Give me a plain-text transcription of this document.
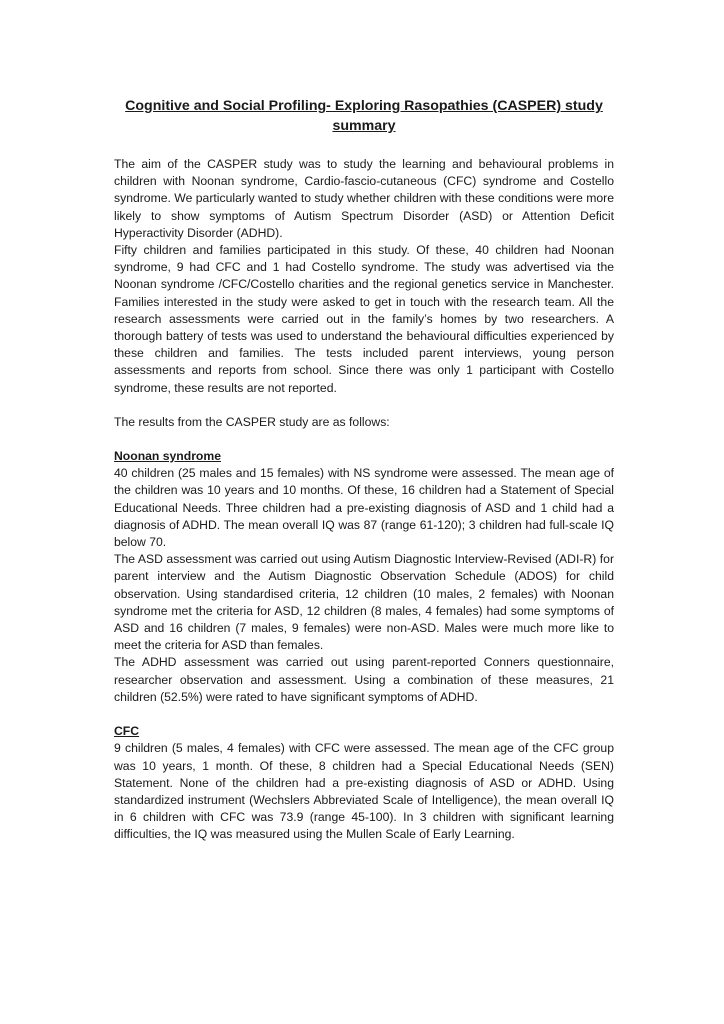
Cognitive and Social Profiling- Exploring Rasopathies (CASPER) study
summary

The aim of the CASPER study was to study the learning and behavioural problems in children with Noonan syndrome, Cardio-fascio-cutaneous (CFC) syndrome and Costello syndrome. We particularly wanted to study whether children with these conditions were more likely to show symptoms of Autism Spectrum Disorder (ASD) or Attention Deficit Hyperactivity Disorder (ADHD).

Fifty children and families participated in this study. Of these, 40 children had Noonan syndrome, 9 had CFC and 1 had Costello syndrome. The study was advertised via the Noonan syndrome /CFC/Costello charities and the regional genetics service in Manchester. Families interested in the study were asked to get in touch with the research team. All the research assessments were carried out in the family’s homes by two researchers. A thorough battery of tests was used to understand the behavioural difficulties experienced by these children and families. The tests included parent interviews, young person assessments and reports from school. Since there was only 1 participant with Costello syndrome, these results are not reported.

The results from the CASPER study are as follows:

Noonan syndrome

40 children (25 males and 15 females) with NS syndrome were assessed. The mean age of the children was 10 years and 10 months. Of these, 16 children had a Statement of Special Educational Needs. Three children had a pre-existing diagnosis of ASD and 1 child had a diagnosis of ADHD. The mean overall IQ was 87 (range 61-120); 3 children had full-scale IQ below 70.

The ASD assessment was carried out using Autism Diagnostic Interview-Revised (ADI-R) for parent interview and the Autism Diagnostic Observation Schedule (ADOS) for child observation. Using standardised criteria, 12 children (10 males, 2 females) with Noonan syndrome met the criteria for ASD, 12 children (8 males, 4 females) had some symptoms of ASD and 16 children (7 males, 9 females) were non-ASD. Males were much more like to meet the criteria for ASD than females.

The ADHD assessment was carried out using parent-reported Conners questionnaire, researcher observation and assessment. Using a combination of these measures, 21 children (52.5%) were rated to have significant symptoms of ADHD.

CFC

9 children (5 males, 4 females) with CFC were assessed. The mean age of the CFC group was 10 years, 1 month. Of these, 8 children had a Special Educational Needs (SEN) Statement. None of the children had a pre-existing diagnosis of ASD or ADHD. Using standardized instrument (Wechslers Abbreviated Scale of Intelligence), the mean overall IQ in 6 children with CFC was 73.9 (range 45-100). In 3 children with significant learning difficulties, the IQ was measured using the Mullen Scale of Early Learning.
